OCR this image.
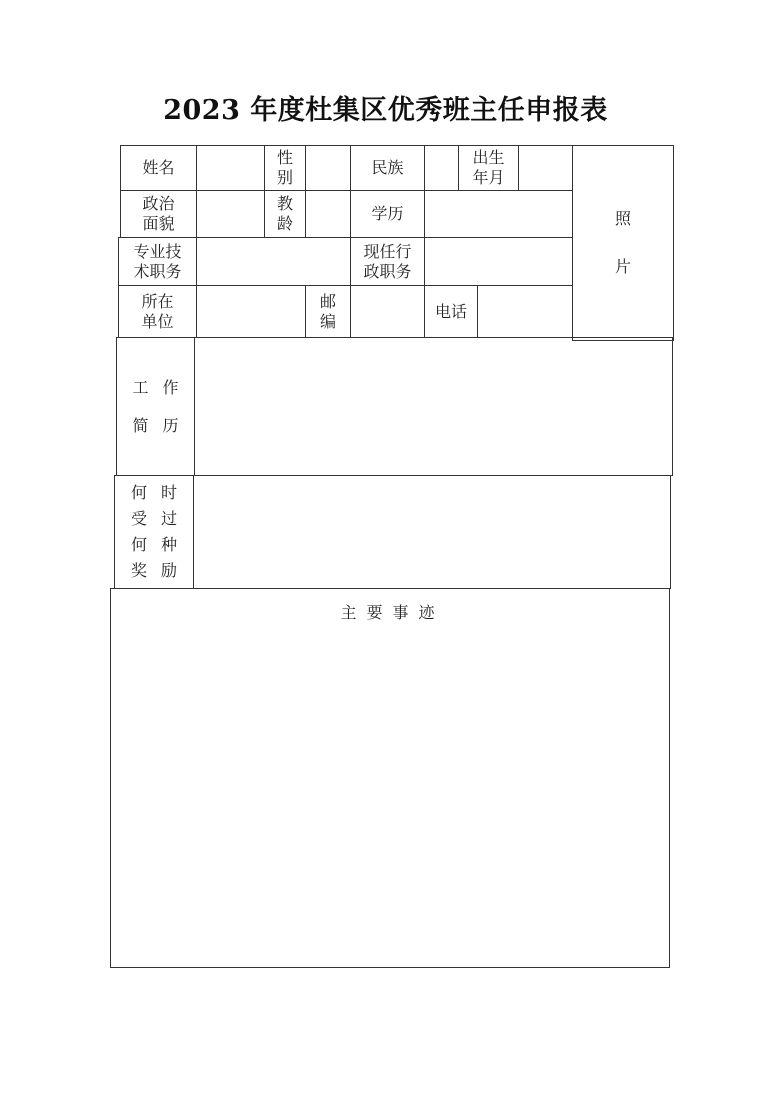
2023 年度杜集区优秀班主任申报表
姓名
性
别
民族
出生
年月
照
片
政治
面貌
教
龄
学历
专业技
术职务
现任行
政职务
所在
单位
邮
编
电话
工 作
简 历
何 时
受 过
何 种
奖 励
主要事迹
